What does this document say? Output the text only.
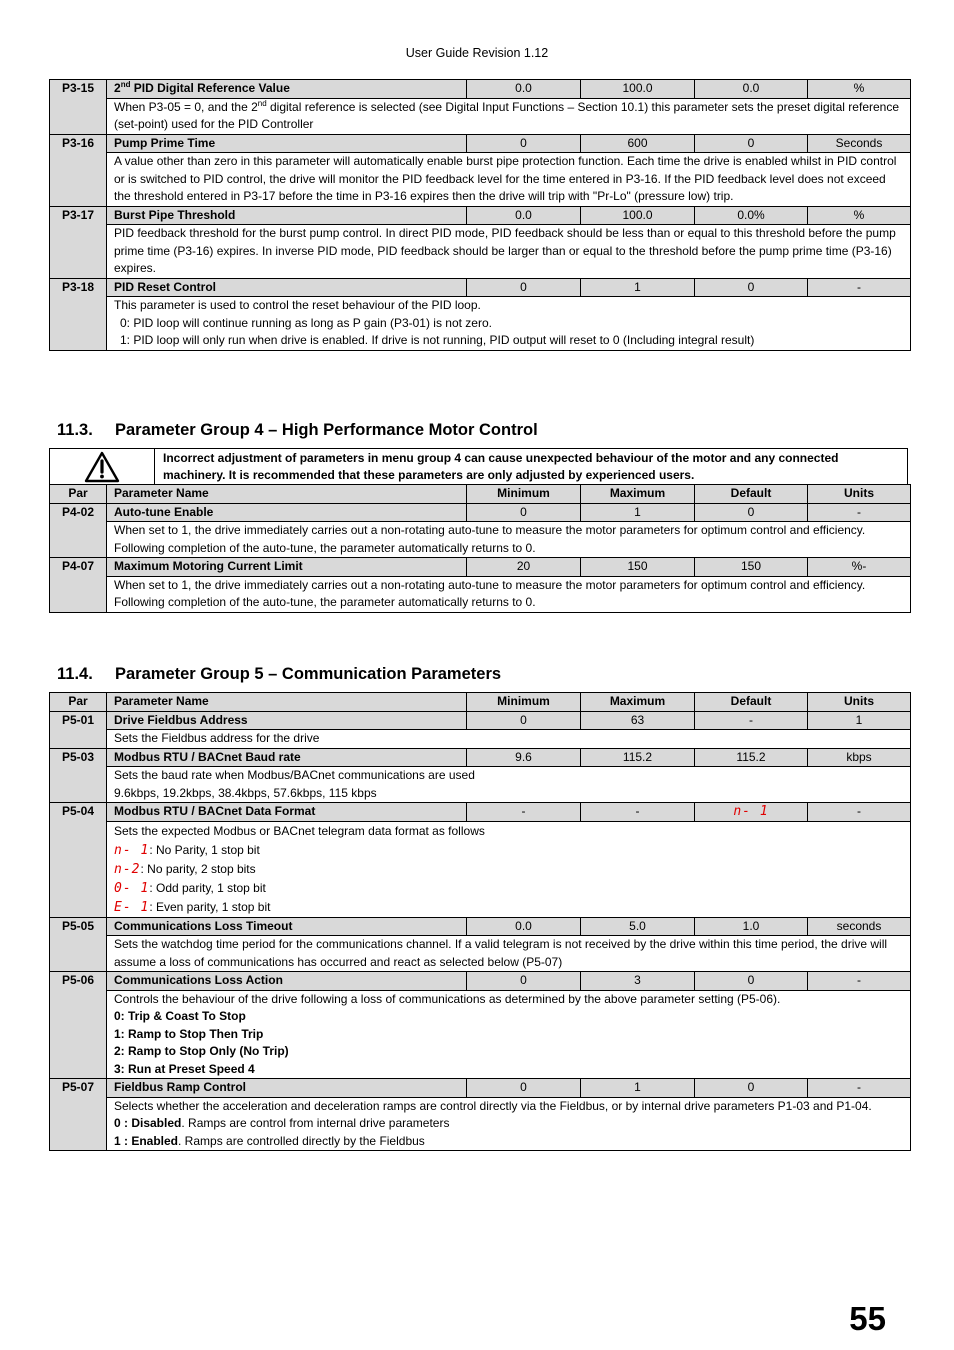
User Guide Revision 1.12
P3-15	2nd PID Digital Reference Value	0.0	100.0	0.0	%
	When P3-05 = 0, and the 2nd digital reference is selected (see Digital Input Functions – Section 10.1) this parameter sets the preset digital reference (set-point) used for the PID Controller				
P3-16	Pump Prime Time	0	600	0	Seconds
	A value other than zero in this parameter will automatically enable burst pipe protection function. Each time the drive is enabled whilst in PID control or is switched to PID control, the drive will monitor the PID feedback level for the time entered in P3-16. If the PID feedback level does not exceed the threshold entered in P3-17 before the time in P3-16 expires then the drive will trip with "Pr-Lo" (pressure low) trip.				
P3-17	Burst Pipe Threshold	0.0	100.0	0.0%	%
	PID feedback threshold for the burst pump control. In direct PID mode, PID feedback should be less than or equal to this threshold before the pump prime time (P3-16) expires. In inverse PID mode, PID feedback should be larger than or equal to the threshold before the pump prime time (P3-16) expires.				
P3-18	PID Reset Control	0	1	0	-

	This parameter is used to control the reset behaviour of the PID loop.
0: PID loop will continue running as long as P gain (P3-01) is not zero.
1: PID loop will only run when drive is enabled. If drive is not running, PID output will reset to 0 (Including integral result)				
11.3. Parameter Group 4 – High Performance Motor Control
Incorrect adjustment of parameters in menu group 4 can cause unexpected behaviour of the motor and any connected machinery. It is recommended that these parameters are only adjusted by experienced users.
Par	Parameter Name	Minimum	Maximum	Default	Units
P4-02	Auto-tune Enable	0	1	0	-
	When set to 1, the drive immediately carries out a non-rotating auto-tune to measure the motor parameters for optimum control and efficiency. Following completion of the auto-tune, the parameter automatically returns to 0.				
P4-07	Maximum Motoring Current Limit	20	150	150	%-
	When set to 1, the drive immediately carries out a non-rotating auto-tune to measure the motor parameters for optimum control and efficiency. Following completion of the auto-tune, the parameter automatically returns to 0.				
11.4. Parameter Group 5 – Communication Parameters
Par	Parameter Name	Minimum	Maximum	Default	Units
P5-01	Drive Fieldbus Address	0	63	-	1
	Sets the Fieldbus address for the drive				
P5-03	Modbus RTU / BACnet Baud rate	9.6	115.2	115.2	kbps

	Sets the baud rate when Modbus/BACnet communications are used
9.6kbps, 19.2kbps, 38.4kbps, 57.6kbps, 115 kbps				

P5-04	Modbus RTU / BACnet Data Format	-	-	n- 1	-

	Sets the expected Modbus or BACnet telegram data format as follows
n- 1: No Parity, 1 stop bit
n-2: No parity, 2 stop bits
0- 1: Odd parity, 1 stop bit
E- 1: Even parity, 1 stop bit				

P5-05	Communications Loss Timeout	0.0	5.0	1.0	seconds
	Sets the watchdog time period for the communications channel. If a valid telegram is not received by the drive within this time period, the drive will assume a loss of communications has occurred and react as selected below (P5-07)				
P5-06	Communications Loss Action	0	3	0	-

	Controls the behaviour of the drive following a loss of communications as determined by the above parameter setting (P5-06).
0: Trip & Coast To Stop
1: Ramp to Stop Then Trip
2: Ramp to Stop Only (No Trip)
3: Run at Preset Speed 4				

P5-07	Fieldbus Ramp Control	0	1	0	-

	Selects whether the acceleration and deceleration ramps are control directly via the Fieldbus, or by internal drive parameters P1-03 and P1-04.
0 : Disabled. Ramps are control from internal drive parameters
1 : Enabled. Ramps are controlled directly by the Fieldbus				
55
